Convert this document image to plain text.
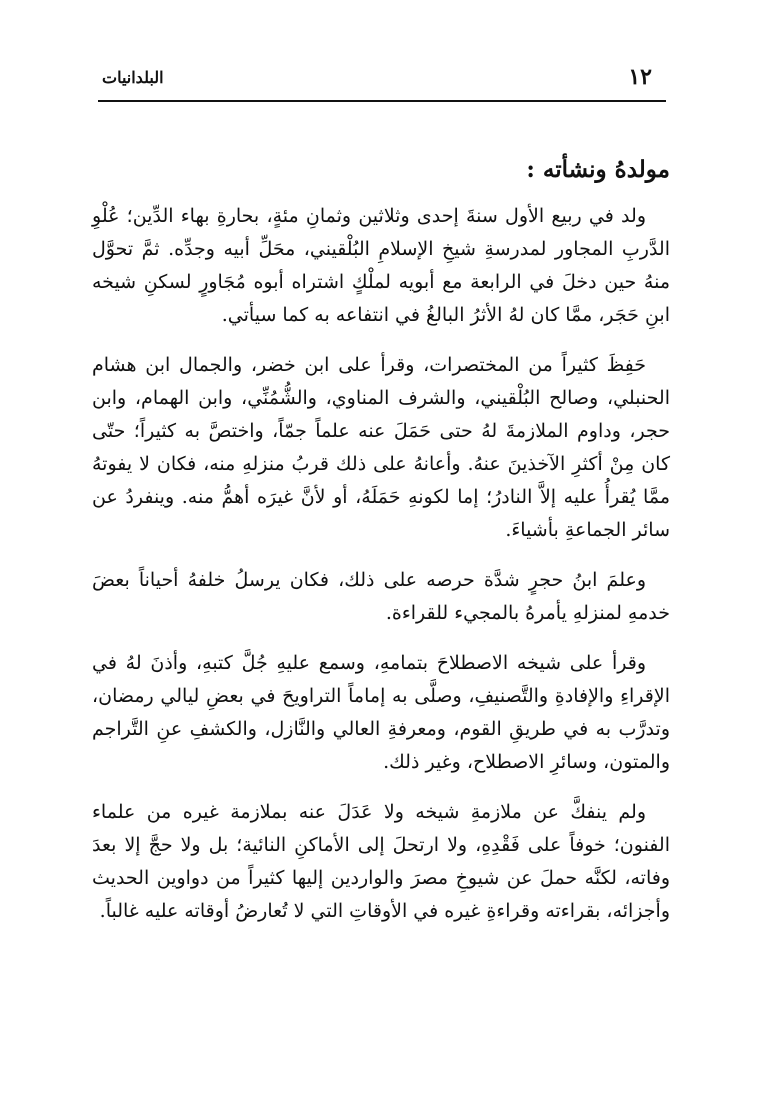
١٢
البلدانيات
مولدهُ ونشأته :

ولد في ربيع الأول سنةَ إحدى وثلاثين وثمانِ مئةٍ، بحارةِ بهاء الدِّين؛ عُلْوِ الدَّربِ المجاور لمدرسةِ شيخِ الإسلامِ البُلْقيني، محَلِّ أبيه وجدِّه. ثمَّ تحوَّل منهُ حين دخلَ في الرابعة مع أبويه لملْكٍ اشتراه أبوه مُجَاورٍ لسكنِ شيخه ابنِ حَجَر، ممَّا كان لهُ الأثرُ البالغُ في انتفاعه به كما سيأتي.

حَفِظَ كثيراً من المختصرات، وقرأ على ابن خضر، والجمال ابن هشام الحنبلي، وصالح البُلْقيني، والشرف المناوي، والشُّمُنِّي، وابن الهمام، وابن حجر، وداوم الملازمةَ لهُ حتى حَمَلَ عنه علماً جمّاً، واختصَّ به كثيراً؛ حتّى كان مِنْ أكثرِ الآخذينَ عنهُ. وأعانهُ على ذلك قربُ منزلهِ منه، فكان لا يفوتهُ ممَّا يُقرأُ عليه إلاَّ النادرُ؛ إما لكونهِ حَمَلَهُ، أو لأنَّ غيرَه أهمُّ منه. وينفردُ عن سائر الجماعةِ بأشياءَ.

وعلمَ ابنُ حجرٍ شدَّة حرصه على ذلك، فكان يرسلُ خلفهُ أحياناً بعضَ خدمهِ لمنزلهِ يأمرهُ بالمجيء للقراءة.

وقرأ على شيخه الاصطلاحَ بتمامهِ، وسمع عليهِ جُلَّ كتبهِ، وأذنَ لهُ في الإقراءِ والإفادةِ والتَّصنيفِ، وصلَّى به إماماً التراويحَ في بعضِ ليالي رمضان، وتدرَّب به في طريقِ القوم، ومعرفةِ العالي والنَّازل، والكشفِ عنِ التَّراجم والمتون، وسائرِ الاصطلاح، وغير ذلك.

ولم ينفكَّ عن ملازمةِ شيخه ولا عَدَلَ عنه بملازمة غيره من علماء الفنون؛ خوفاً على فَقْدِهِ، ولا ارتحلَ إلى الأماكنِ النائية؛ بل ولا حجَّ إلا بعدَ وفاته، لكنَّه حملَ عن شيوخِ مصرَ والواردين إليها كثيراً من دواوين الحديث وأجزائه، بقراءته وقراءةِ غيره في الأوقاتِ التي لا تُعارضُ أوقاته عليه غالباً.
